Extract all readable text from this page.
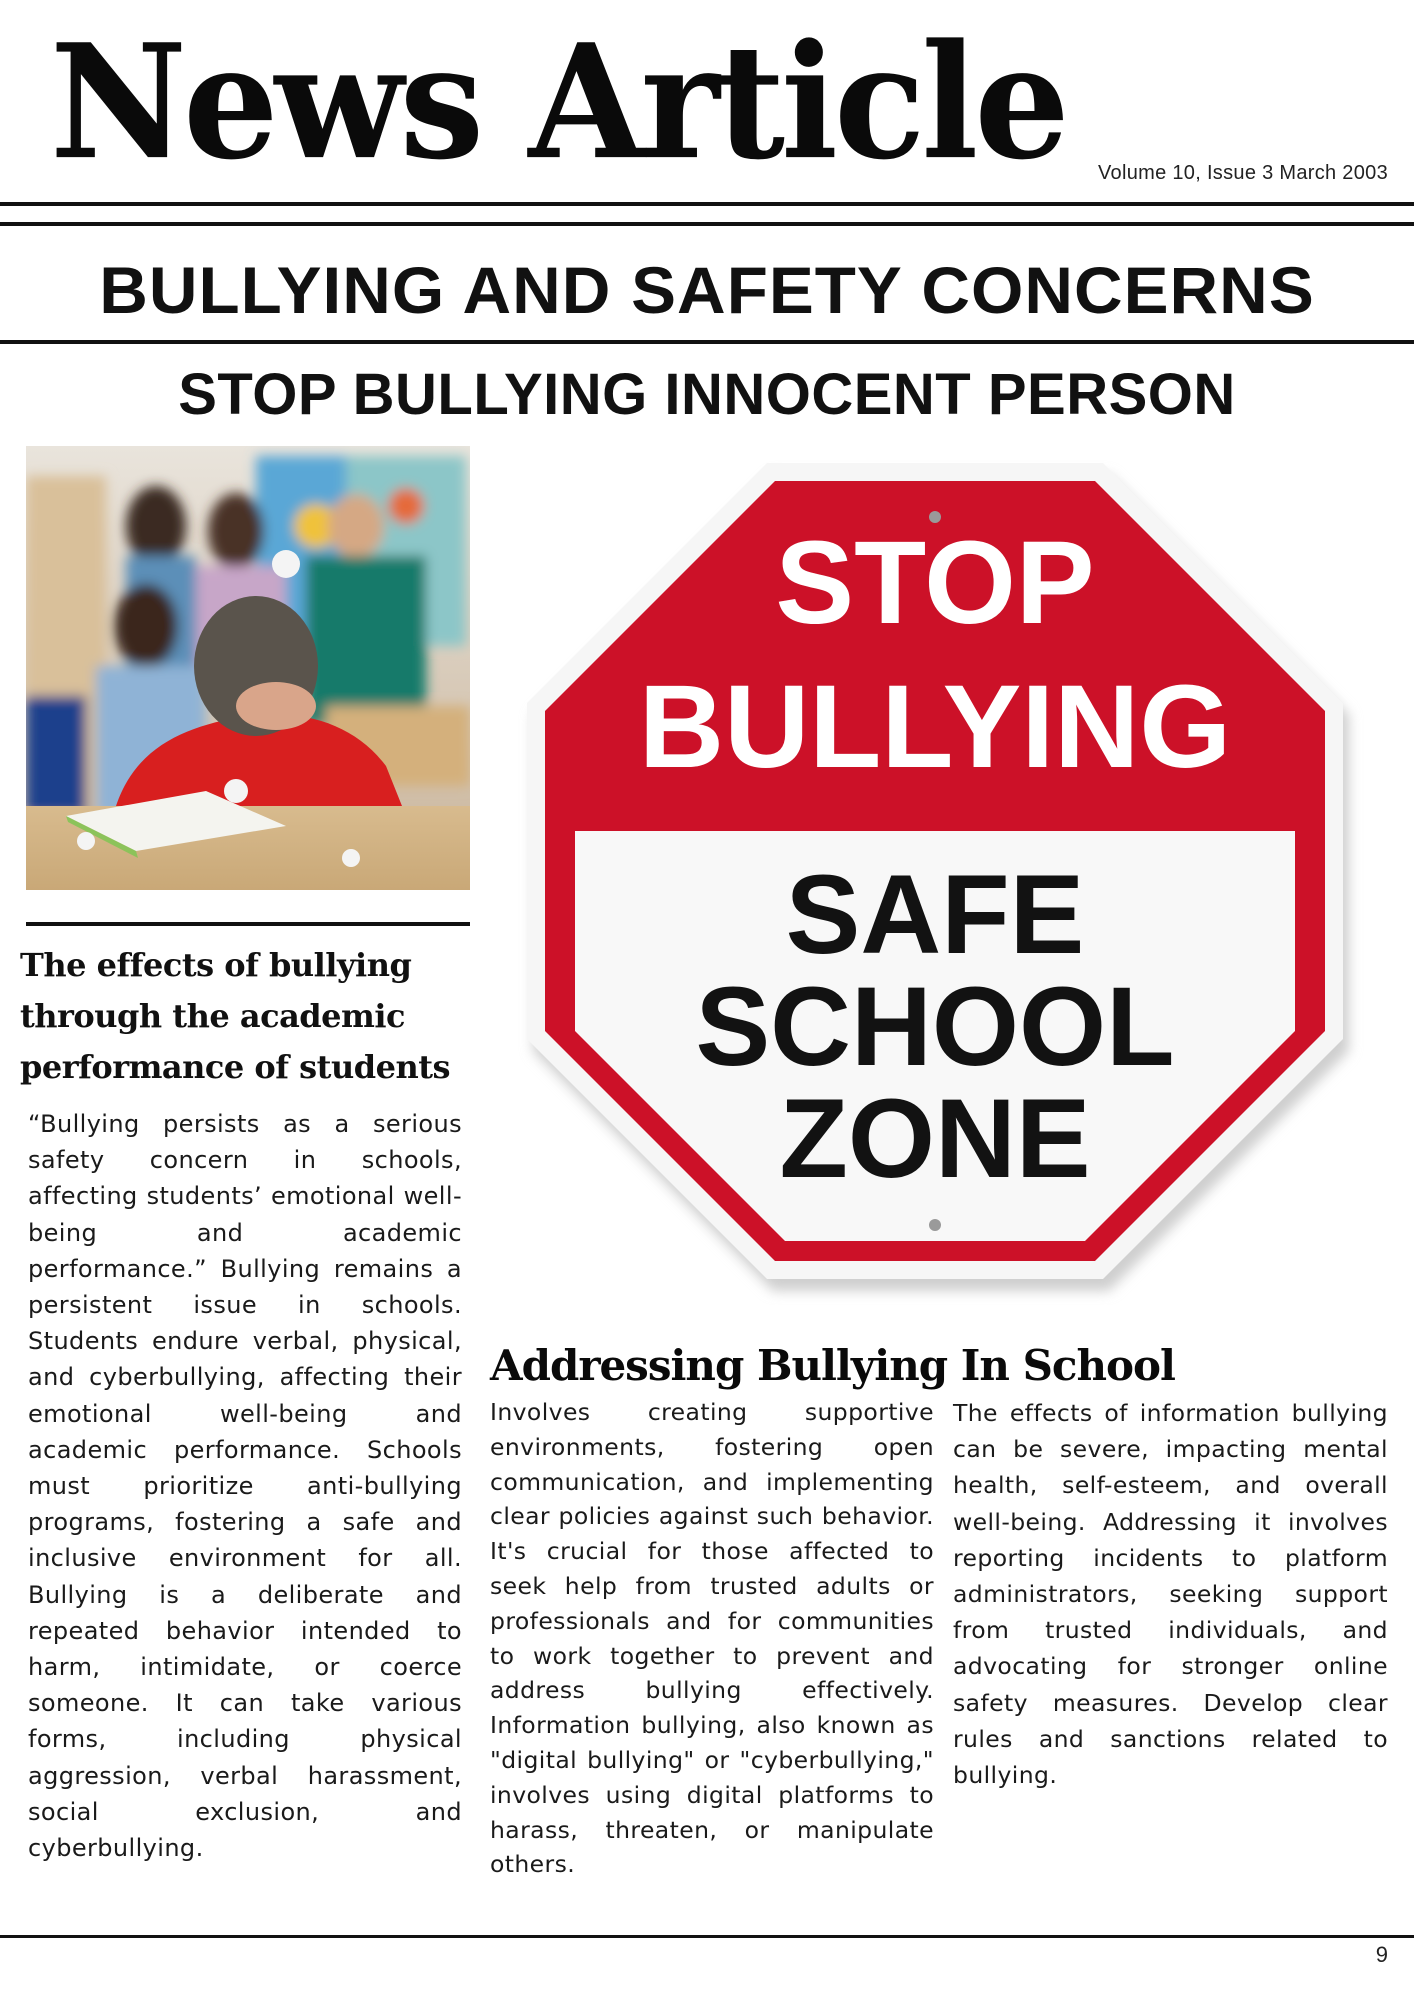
News Article Volume 10, Issue 3 March 2003
BULLYING AND SAFETY CONCERNS
STOP BULLYING INNOCENT PERSON
The effects of bullying through the academic performance of students
“Bullying persists as a serious safety concern in schools, affecting students’ emotional well-being and academic performance.” Bullying remains a persistent issue in schools. Students endure verbal, physical, and cyberbullying, affecting their emotional well-being and academic performance. Schools must prioritize anti-bullying programs, fostering a safe and inclusive environment for all. Bullying is a deliberate and repeated behavior intended to harm, intimidate, or coerce someone. It can take various forms, including physical aggression, verbal harassment, social exclusion, and cyberbullying.
STOP
BULLYING
SAFE
SCHOOL
ZONE
Addressing Bullying In School
Involves creating supportive environments, fostering open communication, and implementing clear policies against such behavior. It's crucial for those affected to seek help from trusted adults or professionals and for communities to work together to prevent and address bullying effectively. Information bullying, also known as "digital bullying" or "cyberbullying," involves using digital platforms to harass, threaten, or manipulate others.
The effects of information bullying can be severe, impacting mental health, self-esteem, and overall well-being. Addressing it involves reporting incidents to platform administrators, seeking support from trusted individuals, and advocating for stronger online safety measures. Develop clear rules and sanctions related to bullying.
9
